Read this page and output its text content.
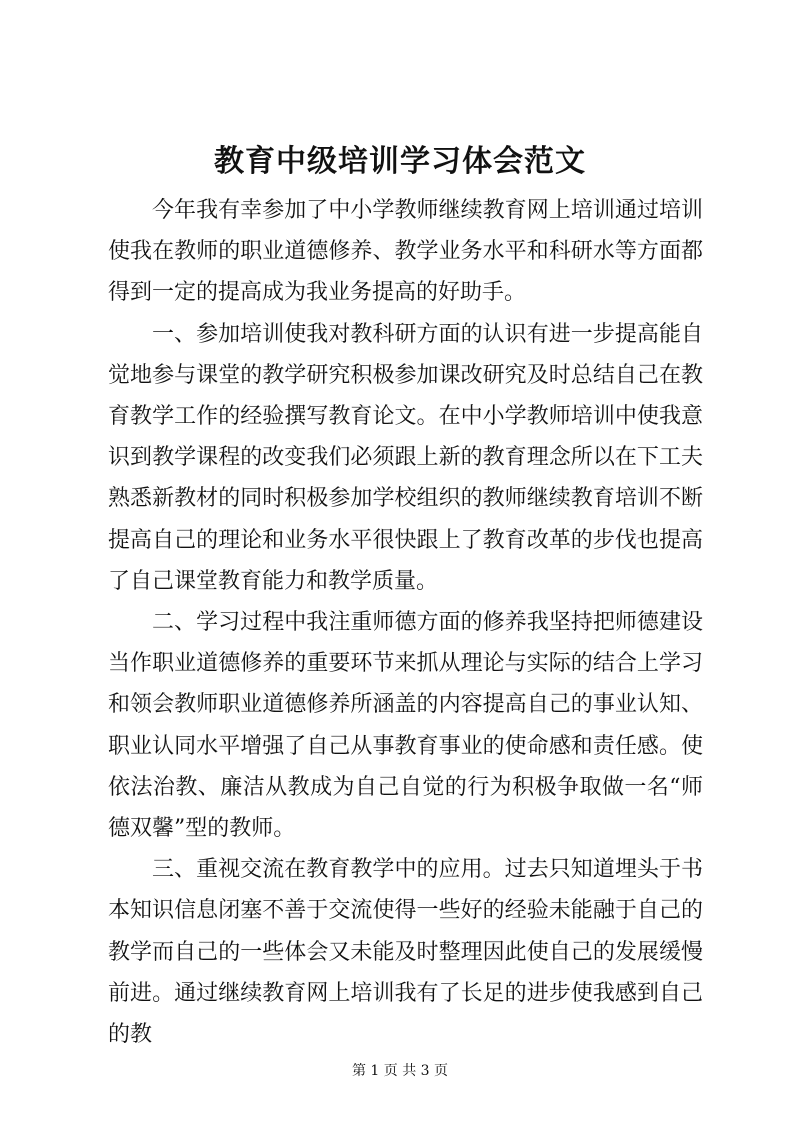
教育中级培训学习体会范文

今年我有幸参加了中小学教师继续教育网上培训通过培训使我在教师的职业道德修养、教学业务水平和科研水等方面都得到一定的提高成为我业务提高的好助手。

一、参加培训使我对教科研方面的认识有进一步提高能自觉地参与课堂的教学研究积极参加课改研究及时总结自己在教育教学工作的经验撰写教育论文。在中小学教师培训中使我意识到教学课程的改变我们必须跟上新的教育理念所以在下工夫熟悉新教材的同时积极参加学校组织的教师继续教育培训不断提高自己的理论和业务水平很快跟上了教育改革的步伐也提高了自己课堂教育能力和教学质量。

二、学习过程中我注重师德方面的修养我坚持把师德建设当作职业道德修养的重要环节来抓从理论与实际的结合上学习和领会教师职业道德修养所涵盖的内容提高自己的事业认知、职业认同水平增强了自己从事教育事业的使命感和责任感。使依法治教、廉洁从教成为自己自觉的行为积极争取做一名“师德双馨”型的教师。

三、重视交流在教育教学中的应用。过去只知道埋头于书本知识信息闭塞不善于交流使得一些好的经验未能融于自己的教学而自己的一些体会又未能及时整理因此使自己的发展缓慢前进。通过继续教育网上培训我有了长足的进步使我感到自己的教

第 1 页 共 3 页
